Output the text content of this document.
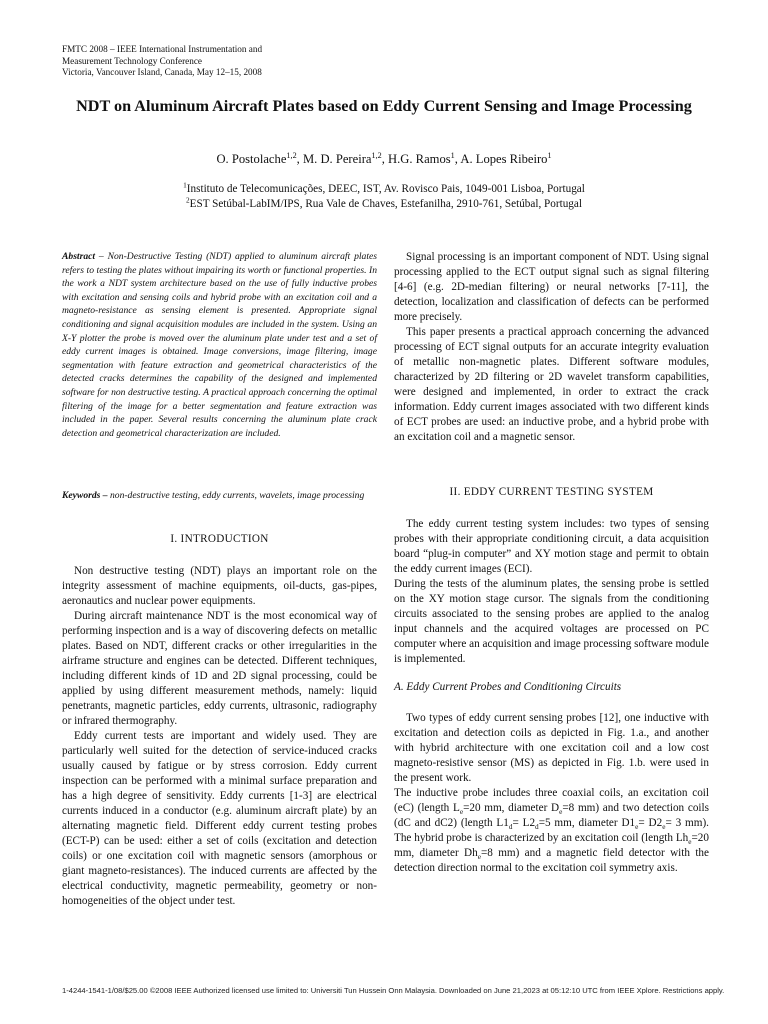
FMTC 2008 – IEEE International Instrumentation and
Measurement Technology Conference
Victoria, Vancouver Island, Canada, May 12–15, 2008
NDT on Aluminum Aircraft Plates based on Eddy Current Sensing and Image Processing
O. Postolache$^{1,2}$, M. D. Pereira$^{1,2}$, H.G. Ramos$^1$, A. Lopes Ribeiro$^1$
$^1$Instituto de Telecomunicações, DEEC, IST, Av. Rovisco Pais, 1049-001 Lisboa, Portugal
$^2$EST Setúbal-LabIM/IPS, Rua Vale de Chaves, Estefanilha, 2910-761, Setúbal, Portugal
Abstract – Non-Destructive Testing (NDT) applied to aluminum aircraft plates refers to testing the plates without impairing its worth or functional properties. In the work a NDT system architecture based on the use of fully inductive probes with excitation and sensing coils and hybrid probe with an excitation coil and a magneto-resistance as sensing element is presented. Appropriate signal conditioning and signal acquisition modules are included in the system. Using an X-Y plotter the probe is moved over the aluminum plate under test and a set of eddy current images is obtained. Image conversions, image filtering, image segmentation with feature extraction and geometrical characteristics of the detected cracks determines the capability of the designed and implemented software for non destructive testing. A practical approach concerning the optimal filtering of the image for a better segmentation and feature extraction was included in the paper. Several results concerning the aluminum plate crack detection and geometrical characterization are included.
Keywords – non-destructive testing, eddy currents, wavelets, image processing
I. INTRODUCTION

Non destructive testing (NDT) plays an important role on the integrity assessment of machine equipments, oil-ducts, gas-pipes, aeronautics and nuclear power equipments.

During aircraft maintenance NDT is the most economical way of performing inspection and is a way of discovering defects on metallic plates. Based on NDT, different cracks or other irregularities in the airframe structure and engines can be detected. Different techniques, including different kinds of 1D and 2D signal processing, could be applied by using different measurement methods, namely: liquid penetrants, magnetic particles, eddy currents, ultrasonic, radiography or infrared thermography.

Eddy current tests are important and widely used. They are particularly well suited for the detection of service-induced cracks usually caused by fatigue or by stress corrosion. Eddy current inspection can be performed with a minimal surface preparation and has a high degree of sensitivity. Eddy currents [1-3] are electrical currents induced in a conductor (e.g. aluminum aircraft plate) by an alternating magnetic field. Different eddy current testing probes (ECT-P) can be used: either a set of coils (excitation and detection coils) or one excitation coil with magnetic sensors (amorphous or giant magneto-resistances). The induced currents are affected by the electrical conductivity, magnetic permeability, geometry or non-homogeneities of the object under test.

Signal processing is an important component of NDT. Using signal processing applied to the ECT output signal such as signal filtering [4-6] (e.g. 2D-median filtering) or neural networks [7-11], the detection, localization and classification of defects can be performed more precisely.

This paper presents a practical approach concerning the advanced processing of ECT signal outputs for an accurate integrity evaluation of metallic non-magnetic plates. Different software modules, characterized by 2D filtering or 2D wavelet transform capabilities, were designed and implemented, in order to extract the crack information. Eddy current images associated with two different kinds of ECT probes are used: an inductive probe, and a hybrid probe with an excitation coil and a magnetic sensor.

II. EDDY CURRENT TESTING SYSTEM

The eddy current testing system includes: two types of sensing probes with their appropriate conditioning circuit, a data acquisition board “plug-in computer” and XY motion stage and permit to obtain the eddy current images (ECI).

During the tests of the aluminum plates, the sensing probe is settled on the XY motion stage cursor. The signals from the conditioning circuits associated to the sensing probes are applied to the analog input channels and the acquired voltages are processed on PC computer where an acquisition and image processing software module is implemented.

A. Eddy Current Probes and Conditioning Circuits

Two types of eddy current sensing probes [12], one inductive with excitation and detection coils as depicted in Fig. 1.a., and another with hybrid architecture with one excitation coil and a low cost magneto-resistive sensor (MS) as depicted in Fig. 1.b. were used in the present work.

The inductive probe includes three coaxial coils, an excitation coil (eC) (length $L_e=20$ mm, diameter $D_e=8$ mm) and two detection coils (dC and dC2) (length $L1_d= L2_d=5$ mm, diameter $D1_e= D2_e= 3$ mm). The hybrid probe is characterized by an excitation coil (length $Lh_e=20$ mm, diameter $Dh_e=8$ mm) and a magnetic field detector with the detection direction normal to the excitation coil symmetry axis.

1-4244-1541-1/08/$25.00 ©2008 IEEE Authorized licensed use limited to: Universiti Tun Hussein Onn Malaysia. Downloaded on June 21,2023 at 05:12:10 UTC from IEEE Xplore. Restrictions apply.
